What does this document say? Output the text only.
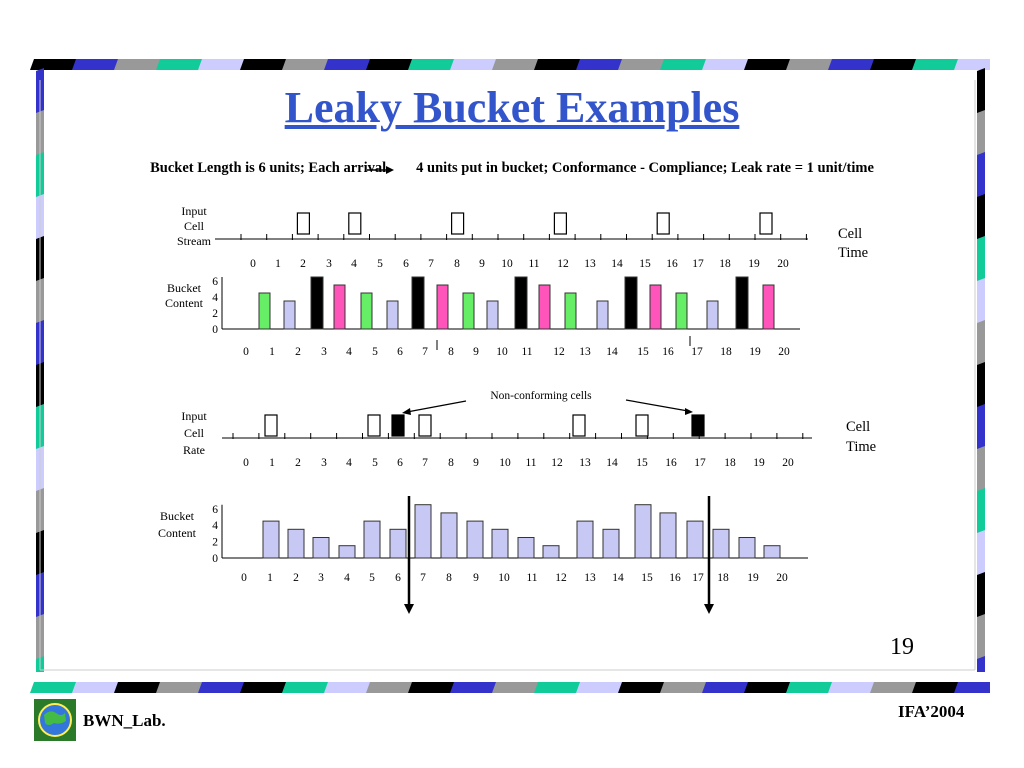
0 1 2 3 4 5 6 7 8 9 10 11 12 13 14 15 16 17 18 19 20
6
4
2
0
0 1 2 3 4 5 6 7 8 9 10 11 12 13 14 15 16 17 18 19 20
0 1 2 3 4 5 6 7 8 9 10 11 12 13 14 15 16 17 18 19 20
6
4
2
0
0 1 2 3 4 5 6 7 8 9 10 11 12 13 14 15 16 17 18 19 20
Non-conforming cells
Input
Cell
Stream
Bucket
Content
Input
Cell
Rate
Bucket
Content
Cell
Time
Cell
Time
Leaky Bucket Examples
Bucket Length is 6 units; Each arrival 4 units put in bucket; Conformance - Compliance; Leak rate = 1 unit/time
19
BWN_Lab.	IFA’2004
